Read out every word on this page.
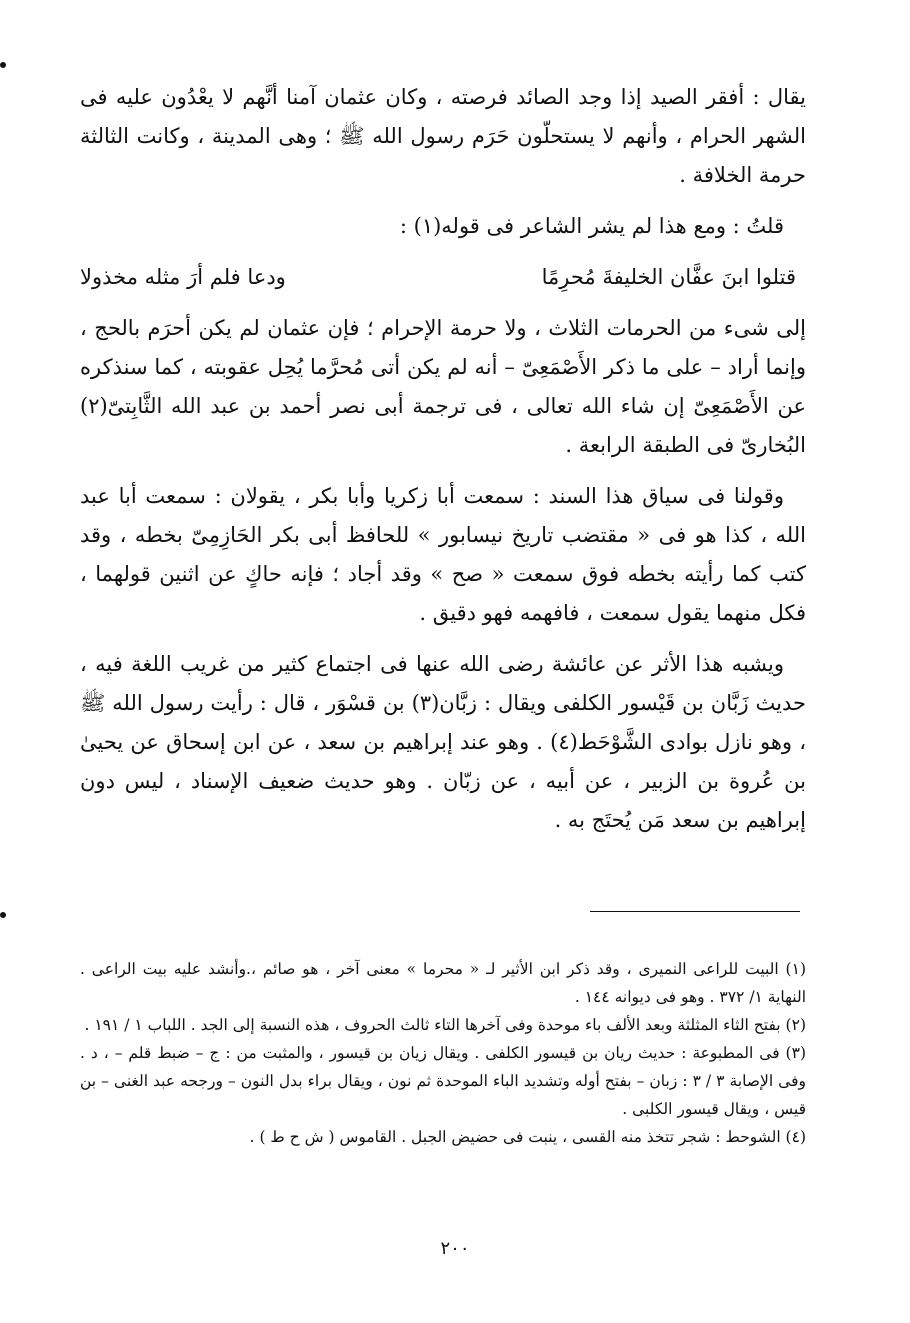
يقال : أفقر الصيد إذا وجد الصائد فرصته ، وكان عثمان آمنا أنَّهم لا يعْدُون عليه فى الشهر الحرام ، وأنهم لا يستحلّون حَرَم رسول الله ﷺ ؛ وهى المدينة ، وكانت الثالثة حرمة الخلافة .

قلتُ : ومع هذا لم يشر الشاعر فى قوله(١) :

قتلوا ابنَ عفَّان الخليفةَ مُحرِمًا
ودعا فلم أرَ مثله مخذولا

إلى شىء من الحرمات الثلاث ، ولا حرمة الإحرام ؛ فإن عثمان لم يكن أحرَم بالحج ، وإنما أراد – على ما ذكر الأَصْمَعِىّ – أنه لم يكن أتى مُحرَّما يُحِل عقوبته ، كما سنذكره عن الأَصْمَعِىّ إن شاء الله تعالى ، فى ترجمة أبى نصر أحمد بن عبد الله الثَّابِتىّ(٢) البُخارىّ فى الطبقة الرابعة .

وقولنا فى سياق هذا السند : سمعت أبا زكريا وأبا بكر ، يقولان : سمعت أبا عبد الله ، كذا هو فى « مقتضب تاريخ نيسابور » للحافظ أبى بكر الحَازِمِىّ بخطه ، وقد كتب كما رأيته بخطه فوق سمعت « صح » وقد أجاد ؛ فإنه حاكٍ عن اثنين قولهما ، فكل منهما يقول سمعت ، فافهمه فهو دقيق .

ويشبه هذا الأثر عن عائشة رضى الله عنها فى اجتماع كثير من غريب اللغة فيه ، حديث زَبَّان بن قَيْسور الكلفى ويقال : زبَّان(٣) بن قسْوَر ، قال : رأيت رسول الله ﷺ ، وهو نازل بوادى الشَّوْحَط(٤) . وهو عند إبراهيم بن سعد ، عن ابن إسحاق عن يحيىٰ بن عُروة بن الزبير ، عن أبيه ، عن زبّان . وهو حديث ضعيف الإسناد ، ليس دون إبراهيم بن سعد مَن يُحتَج به .

(١) البيت للراعى النميرى ، وقد ذكر ابن الأثير لـ « محرما » معنى آخر ، هو صائم ،.وأنشد عليه بيت الراعى . النهاية ١/ ٣٧٢ . وهو فى ديوانه ١٤٤ .

(٢) بفتح الثاء المثلثة وبعد الألف باء موحدة وفى آخرها التاء ثالث الحروف ، هذه النسبة إلى الجد . اللباب ١ / ١٩١ .

(٣) فى المطبوعة : حديث ريان بن قيسور الكلفى . ويقال زيان بن قيسور ، والمثبت من : ج – ضبط قلم – ، د . وفى الإصابة ٣ / ٣ : زبان – بفتح أوله وتشديد الباء الموحدة ثم نون ، ويقال براء بدل النون – ورجحه عبد الغنى – بن قيس ، ويقال قيسور الكلبى .

(٤) الشوحط : شجر تتخذ منه القسى ، ينبت فى حضيض الجبل . القاموس ( ش ح ط ) .

٢٠٠
